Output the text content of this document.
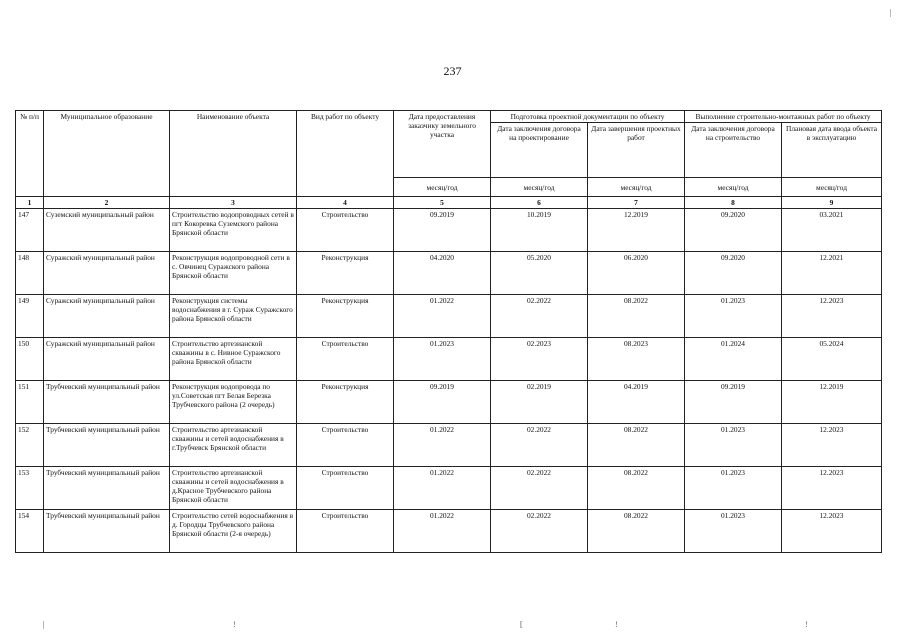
237
№ п/п	Муниципальное образование	Наименование объекта	Вид работ по объекту	Дата предоставления заказчику земельного участка	Подготовка проектной документации по объекту		Выполнение строительно-монтажных работ по объекту	
					Дата заключения договора на проектирование	Дата завершения проектных работ	Дата заключения договора на строительство	Плановая дата ввода объекта в эксплуатацию
				месяц/год	месяц/год	месяц/год	месяц/год	месяц/год
1	2	3	4	5	6	7	8	9
147	Суземский муниципальный район	Строительство водопроводных сетей в пгт Кокоревка Суземского района Брянской области	Строительство	09.2019	10.2019	12.2019	09.2020	03.2021
148	Суражский муниципальный район	Реконструкция водопроводной сети в с. Овчинец Суражского района Брянской области	Реконструкция	04.2020	05.2020	06.2020	09.2020	12.2021
149	Суражский муниципальный район	Реконструкция системы водоснабжения в г. Сураж Суражского района Брянской области	Реконструкция	01.2022	02.2022	08.2022	01.2023	12.2023
150	Суражский муниципальный район	Строительство артезианской скважины в с. Нивное Суражского района Брянской области	Строительство	01.2023	02.2023	08.2023	01.2024	05.2024
151	Трубчевский муниципальный район	Реконструкция водопровода по ул.Советская пгт Белая Березка Трубчевского района (2 очередь)	Реконструкция	09.2019	02.2019	04.2019	09.2019	12.2019
152	Трубчевский муниципальный район	Строительство артезианской скважины и сетей водоснабжения в г.Трубчевск Брянской области	Строительство	01.2022	02.2022	08.2022	01.2023	12.2023
153	Трубчевский муниципальный район	Строительство артезианской скважины и сетей водоснабжения в д.Красное Трубчевского района Брянской области	Строительство	01.2022	02.2022	08.2022	01.2023	12.2023
154	Трубчевский муниципальный район	Строительство сетей водоснабжения в д. Городцы Трубчевского района Брянской области (2-я очередь)	Строительство	01.2022	02.2022	08.2022	01.2023	12.2023
|
|	!	[	!	!
